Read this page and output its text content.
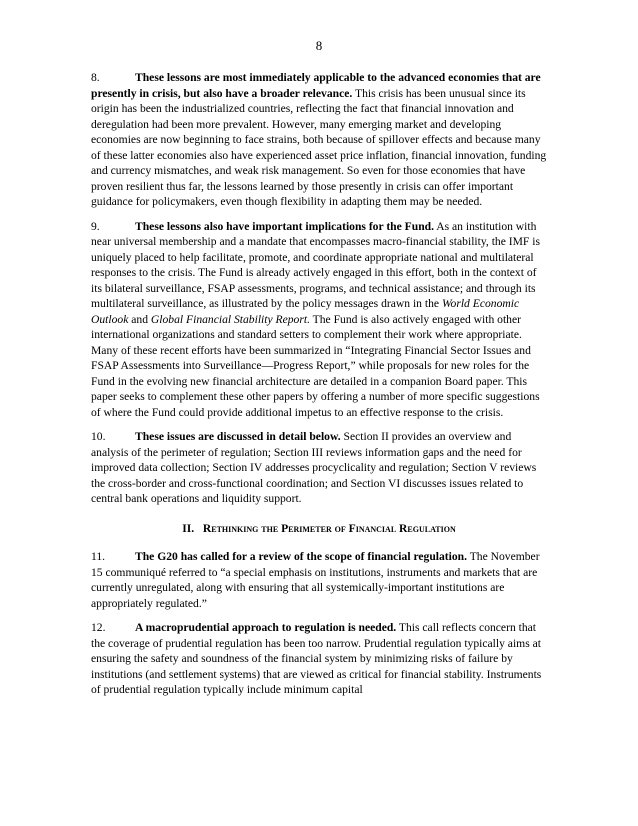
8

8.	These lessons are most immediately applicable to the advanced economies that are presently in crisis, but also have a broader relevance. This crisis has been unusual since its origin has been the industrialized countries, reflecting the fact that financial innovation and deregulation had been more prevalent. However, many emerging market and developing economies are now beginning to face strains, both because of spillover effects and because many of these latter economies also have experienced asset price inflation, financial innovation, funding and currency mismatches, and weak risk management. So even for those economies that have proven resilient thus far, the lessons learned by those presently in crisis can offer important guidance for policymakers, even though flexibility in adapting them may be needed.

9.	These lessons also have important implications for the Fund. As an institution with near universal membership and a mandate that encompasses macro-financial stability, the IMF is uniquely placed to help facilitate, promote, and coordinate appropriate national and multilateral responses to the crisis. The Fund is already actively engaged in this effort, both in the context of its bilateral surveillance, FSAP assessments, programs, and technical assistance; and through its multilateral surveillance, as illustrated by the policy messages drawn in the World Economic Outlook and Global Financial Stability Report. The Fund is also actively engaged with other international organizations and standard setters to complement their work where appropriate. Many of these recent efforts have been summarized in “Integrating Financial Sector Issues and FSAP Assessments into Surveillance—Progress Report,” while proposals for new roles for the Fund in the evolving new financial architecture are detailed in a companion Board paper. This paper seeks to complement these other papers by offering a number of more specific suggestions of where the Fund could provide additional impetus to an effective response to the crisis.

10.	These issues are discussed in detail below. Section II provides an overview and analysis of the perimeter of regulation; Section III reviews information gaps and the need for improved data collection; Section IV addresses procyclicality and regulation; Section V reviews the cross-border and cross-functional coordination; and Section VI discusses issues related to central bank operations and liquidity support.

II. Rethinking the Perimeter of Financial Regulation

11.	The G20 has called for a review of the scope of financial regulation. The November 15 communiqué referred to “a special emphasis on institutions, instruments and markets that are currently unregulated, along with ensuring that all systemically-important institutions are appropriately regulated.”

12.	A macroprudential approach to regulation is needed. This call reflects concern that the coverage of prudential regulation has been too narrow. Prudential regulation typically aims at ensuring the safety and soundness of the financial system by minimizing risks of failure by institutions (and settlement systems) that are viewed as critical for financial stability. Instruments of prudential regulation typically include minimum capital
